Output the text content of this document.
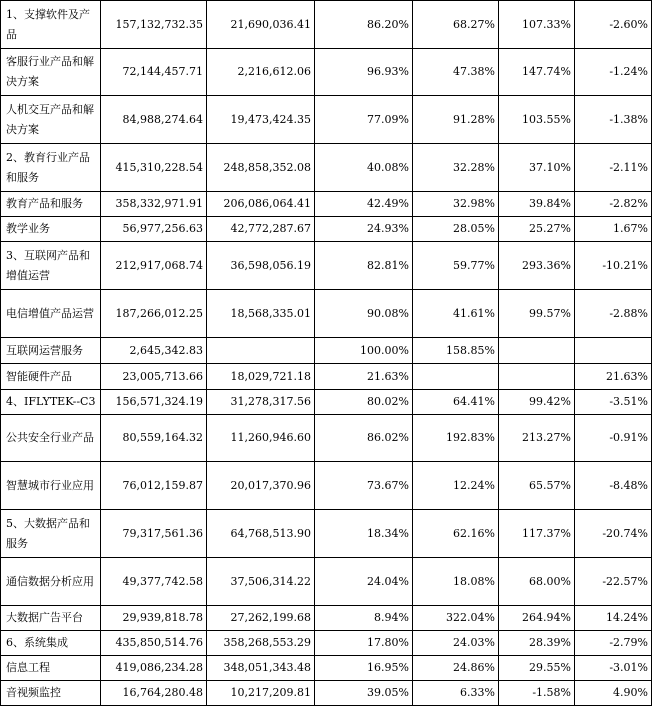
1、支撑软件及产品	157,132,732.35	21,690,036.41	86.20%	68.27%	107.33%	-2.60%
客服行业产品和解决方案	72,144,457.71	2,216,612.06	96.93%	47.38%	147.74%	-1.24%
人机交互产品和解决方案	84,988,274.64	19,473,424.35	77.09%	91.28%	103.55%	-1.38%
2、教育行业产品和服务	415,310,228.54	248,858,352.08	40.08%	32.28%	37.10%	-2.11%
教育产品和服务	358,332,971.91	206,086,064.41	42.49%	32.98%	39.84%	-2.82%
教学业务	56,977,256.63	42,772,287.67	24.93%	28.05%	25.27%	1.67%
3、互联网产品和增值运营	212,917,068.74	36,598,056.19	82.81%	59.77%	293.36%	-10.21%
电信增值产品运营	187,266,012.25	18,568,335.01	90.08%	41.61%	99.57%	-2.88%
互联网运营服务	2,645,342.83		100.00%	158.85%		
智能硬件产品	23,005,713.66	18,029,721.18	21.63%			21.63%
4、IFLYTEK--C3	156,571,324.19	31,278,317.56	80.02%	64.41%	99.42%	-3.51%
公共安全行业产品	80,559,164.32	11,260,946.60	86.02%	192.83%	213.27%	-0.91%
智慧城市行业应用	76,012,159.87	20,017,370.96	73.67%	12.24%	65.57%	-8.48%
5、大数据产品和服务	79,317,561.36	64,768,513.90	18.34%	62.16%	117.37%	-20.74%
通信数据分析应用	49,377,742.58	37,506,314.22	24.04%	18.08%	68.00%	-22.57%
大数据广告平台	29,939,818.78	27,262,199.68	8.94%	322.04%	264.94%	14.24%
6、系统集成	435,850,514.76	358,268,553.29	17.80%	24.03%	28.39%	-2.79%
信息工程	419,086,234.28	348,051,343.48	16.95%	24.86%	29.55%	-3.01%
音视频监控	16,764,280.48	10,217,209.81	39.05%	6.33%	-1.58%	4.90%
